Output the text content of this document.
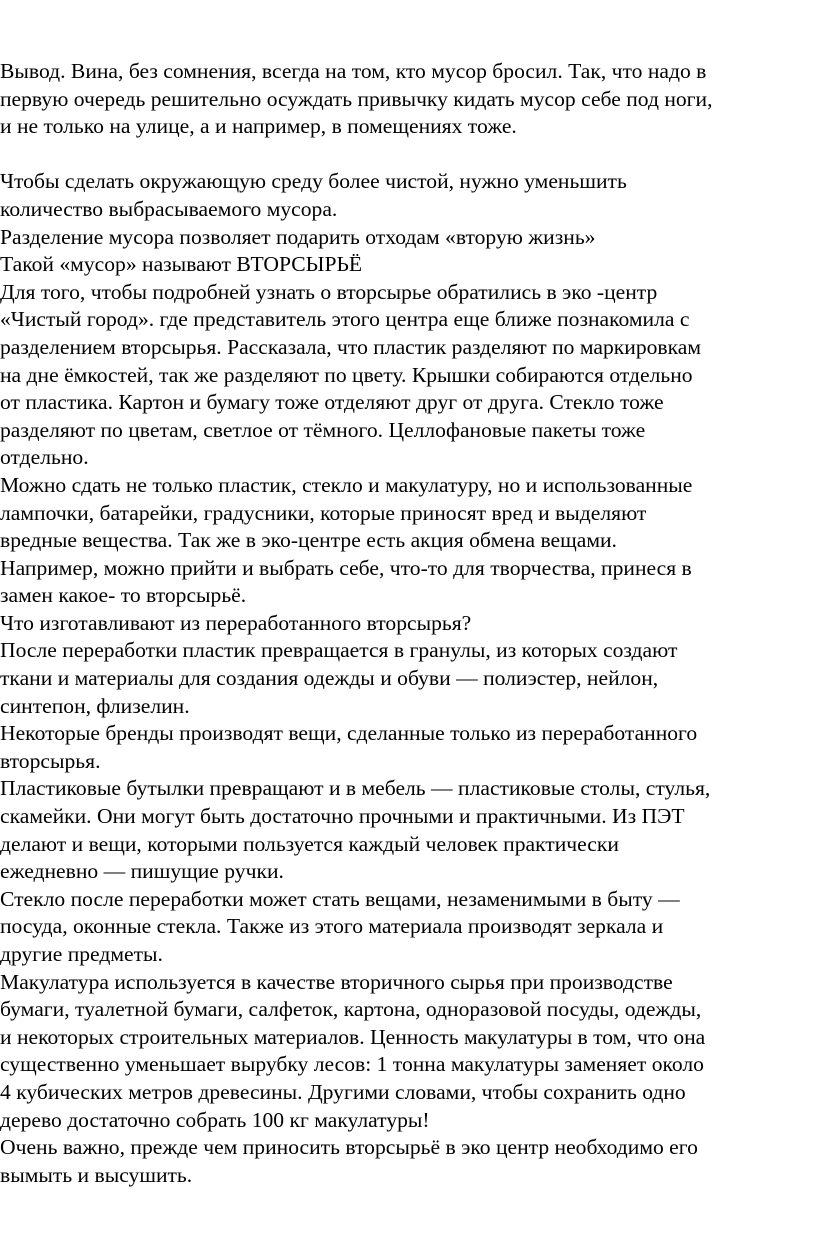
Вывод. Вина, без сомнения, всегда на том, кто мусор бросил. Так, что надо в
первую очередь решительно осуждать привычку кидать мусор себе под ноги,
и не только на улице, а и например, в помещениях тоже.
Чтобы сделать окружающую среду более чистой, нужно уменьшить
количество выбрасываемого мусора.
Разделение мусора позволяет подарить отходам «вторую жизнь»
Такой «мусор» называют ВТОРСЫРЬЁ
Для того, чтобы подробней узнать о вторсырье обратились в эко -центр
«Чистый город». где представитель этого центра еще ближе познакомила с
разделением вторсырья. Рассказала, что пластик разделяют по маркировкам
на дне ёмкостей, так же разделяют по цвету. Крышки собираются отдельно
от пластика. Картон и бумагу тоже отделяют друг от друга. Стекло тоже
разделяют по цветам, светлое от тёмного. Целлофановые пакеты тоже
отдельно.
Можно сдать не только пластик, стекло и макулатуру, но и использованные
лампочки, батарейки, градусники, которые приносят вред и выделяют
вредные вещества. Так же в эко-центре есть акция обмена вещами.
Например, можно прийти и выбрать себе, что-то для творчества, принеся в
замен какое- то вторсырьё.
Что изготавливают из переработанного вторсырья?
После переработки пластик превращается в гранулы, из которых создают
ткани и материалы для создания одежды и обуви — полиэстер, нейлон,
синтепон, флизелин.
Некоторые бренды производят вещи, сделанные только из переработанного
вторсырья.
Пластиковые бутылки превращают и в мебель — пластиковые столы, стулья,
скамейки. Они могут быть достаточно прочными и практичными. Из ПЭТ
делают и вещи, которыми пользуется каждый человек практически
ежедневно — пишущие ручки.
Стекло после переработки может стать вещами, незаменимыми в быту —
посуда, оконные стекла. Также из этого материала производят зеркала и
другие предметы.
Макулатура используется в качестве вторичного сырья при производстве
бумаги, туалетной бумаги, салфеток, картона, одноразовой посуды, одежды,
и некоторых строительных материалов. Ценность макулатуры в том, что она
существенно уменьшает вырубку лесов: 1 тонна макулатуры заменяет около
4 кубических метров древесины. Другими словами, чтобы сохранить одно
дерево достаточно собрать 100 кг макулатуры!
Очень важно, прежде чем приносить вторсырьё в эко центр необходимо его
вымыть и высушить.
